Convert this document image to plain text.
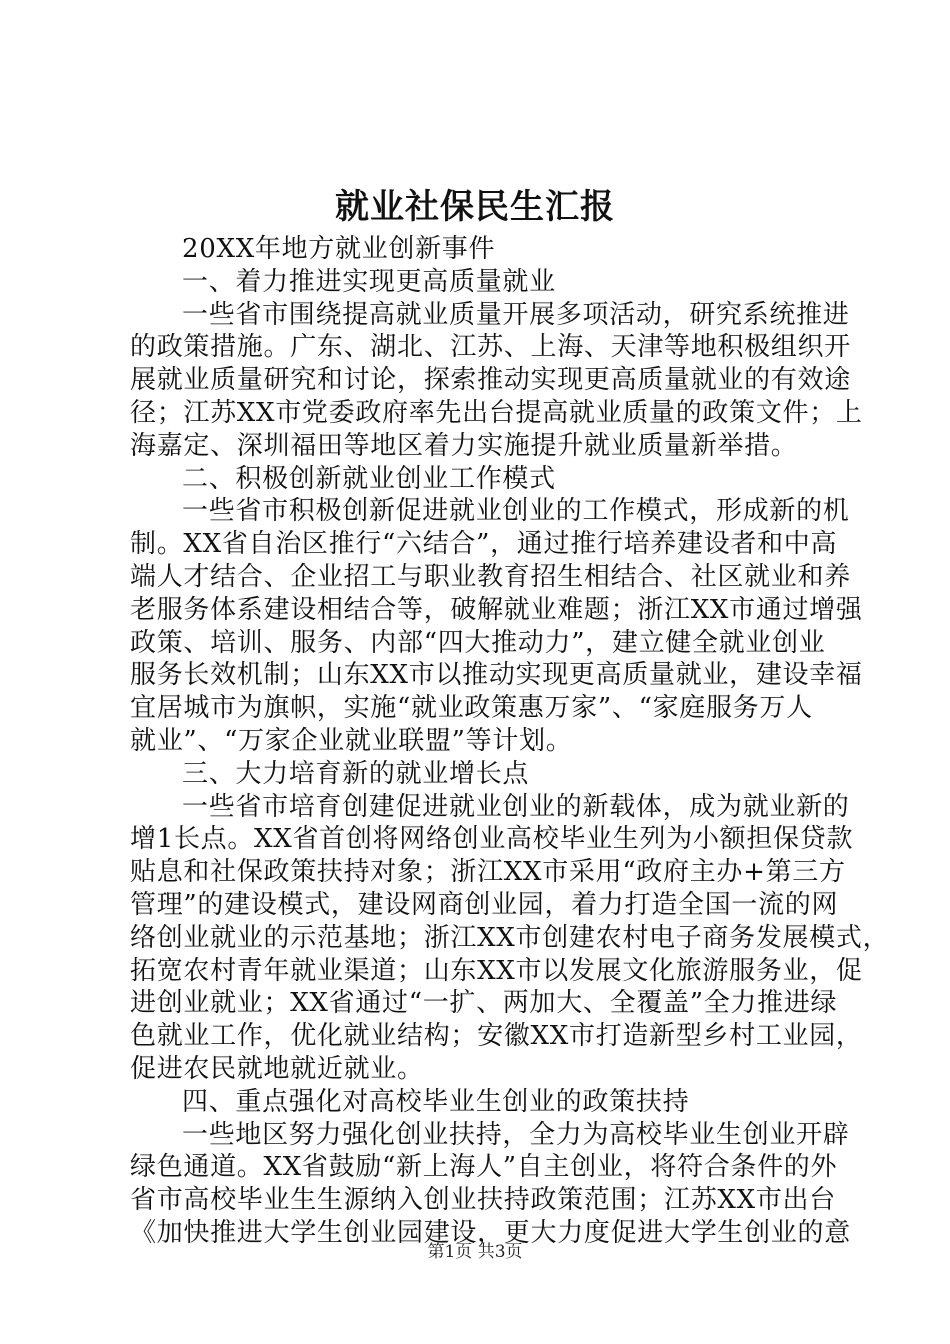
就业社保民生汇报
20XX年地方就业创新事件
一、着力推进实现更高质量就业
一些省市围绕提高就业质量开展多项活动，研究系统推进
的政策措施。广东、湖北、江苏、上海、天津等地积极组织开
展就业质量研究和讨论，探索推动实现更高质量就业的有效途
径；江苏XX市党委政府率先出台提高就业质量的政策文件；上
海嘉定、深圳福田等地区着力实施提升就业质量新举措。
二、积极创新就业创业工作模式
一些省市积极创新促进就业创业的工作模式，形成新的机
制。XX省自治区推行“六结合”，通过推行培养建设者和中高
端人才结合、企业招工与职业教育招生相结合、社区就业和养
老服务体系建设相结合等，破解就业难题；浙江XX市通过增强
政策、培训、服务、内部“四大推动力”，建立健全就业创业
服务长效机制；山东XX市以推动实现更高质量就业，建设幸福
宜居城市为旗帜，实施“就业政策惠万家”、“家庭服务万人
就业”、“万家企业就业联盟”等计划。
三、大力培育新的就业增长点
一些省市培育创建促进就业创业的新载体，成为就业新的
增1长点。XX省首创将网络创业高校毕业生列为小额担保贷款
贴息和社保政策扶持对象；浙江XX市采用“政府主办+第三方
管理”的建设模式，建设网商创业园，着力打造全国一流的网
络创业就业的示范基地；浙江XX市创建农村电子商务发展模式，
拓宽农村青年就业渠道；山东XX市以发展文化旅游服务业，促
进创业就业；XX省通过“一扩、两加大、全覆盖”全力推进绿
色就业工作，优化就业结构；安徽XX市打造新型乡村工业园，
促进农民就地就近就业。
四、重点强化对高校毕业生创业的政策扶持
一些地区努力强化创业扶持，全力为高校毕业生创业开辟
绿色通道。XX省鼓励“新上海人”自主创业，将符合条件的外
省市高校毕业生生源纳入创业扶持政策范围；江苏XX市出台
《加快推进大学生创业园建设，更大力度促进大学生创业的意
第1页 共3页
